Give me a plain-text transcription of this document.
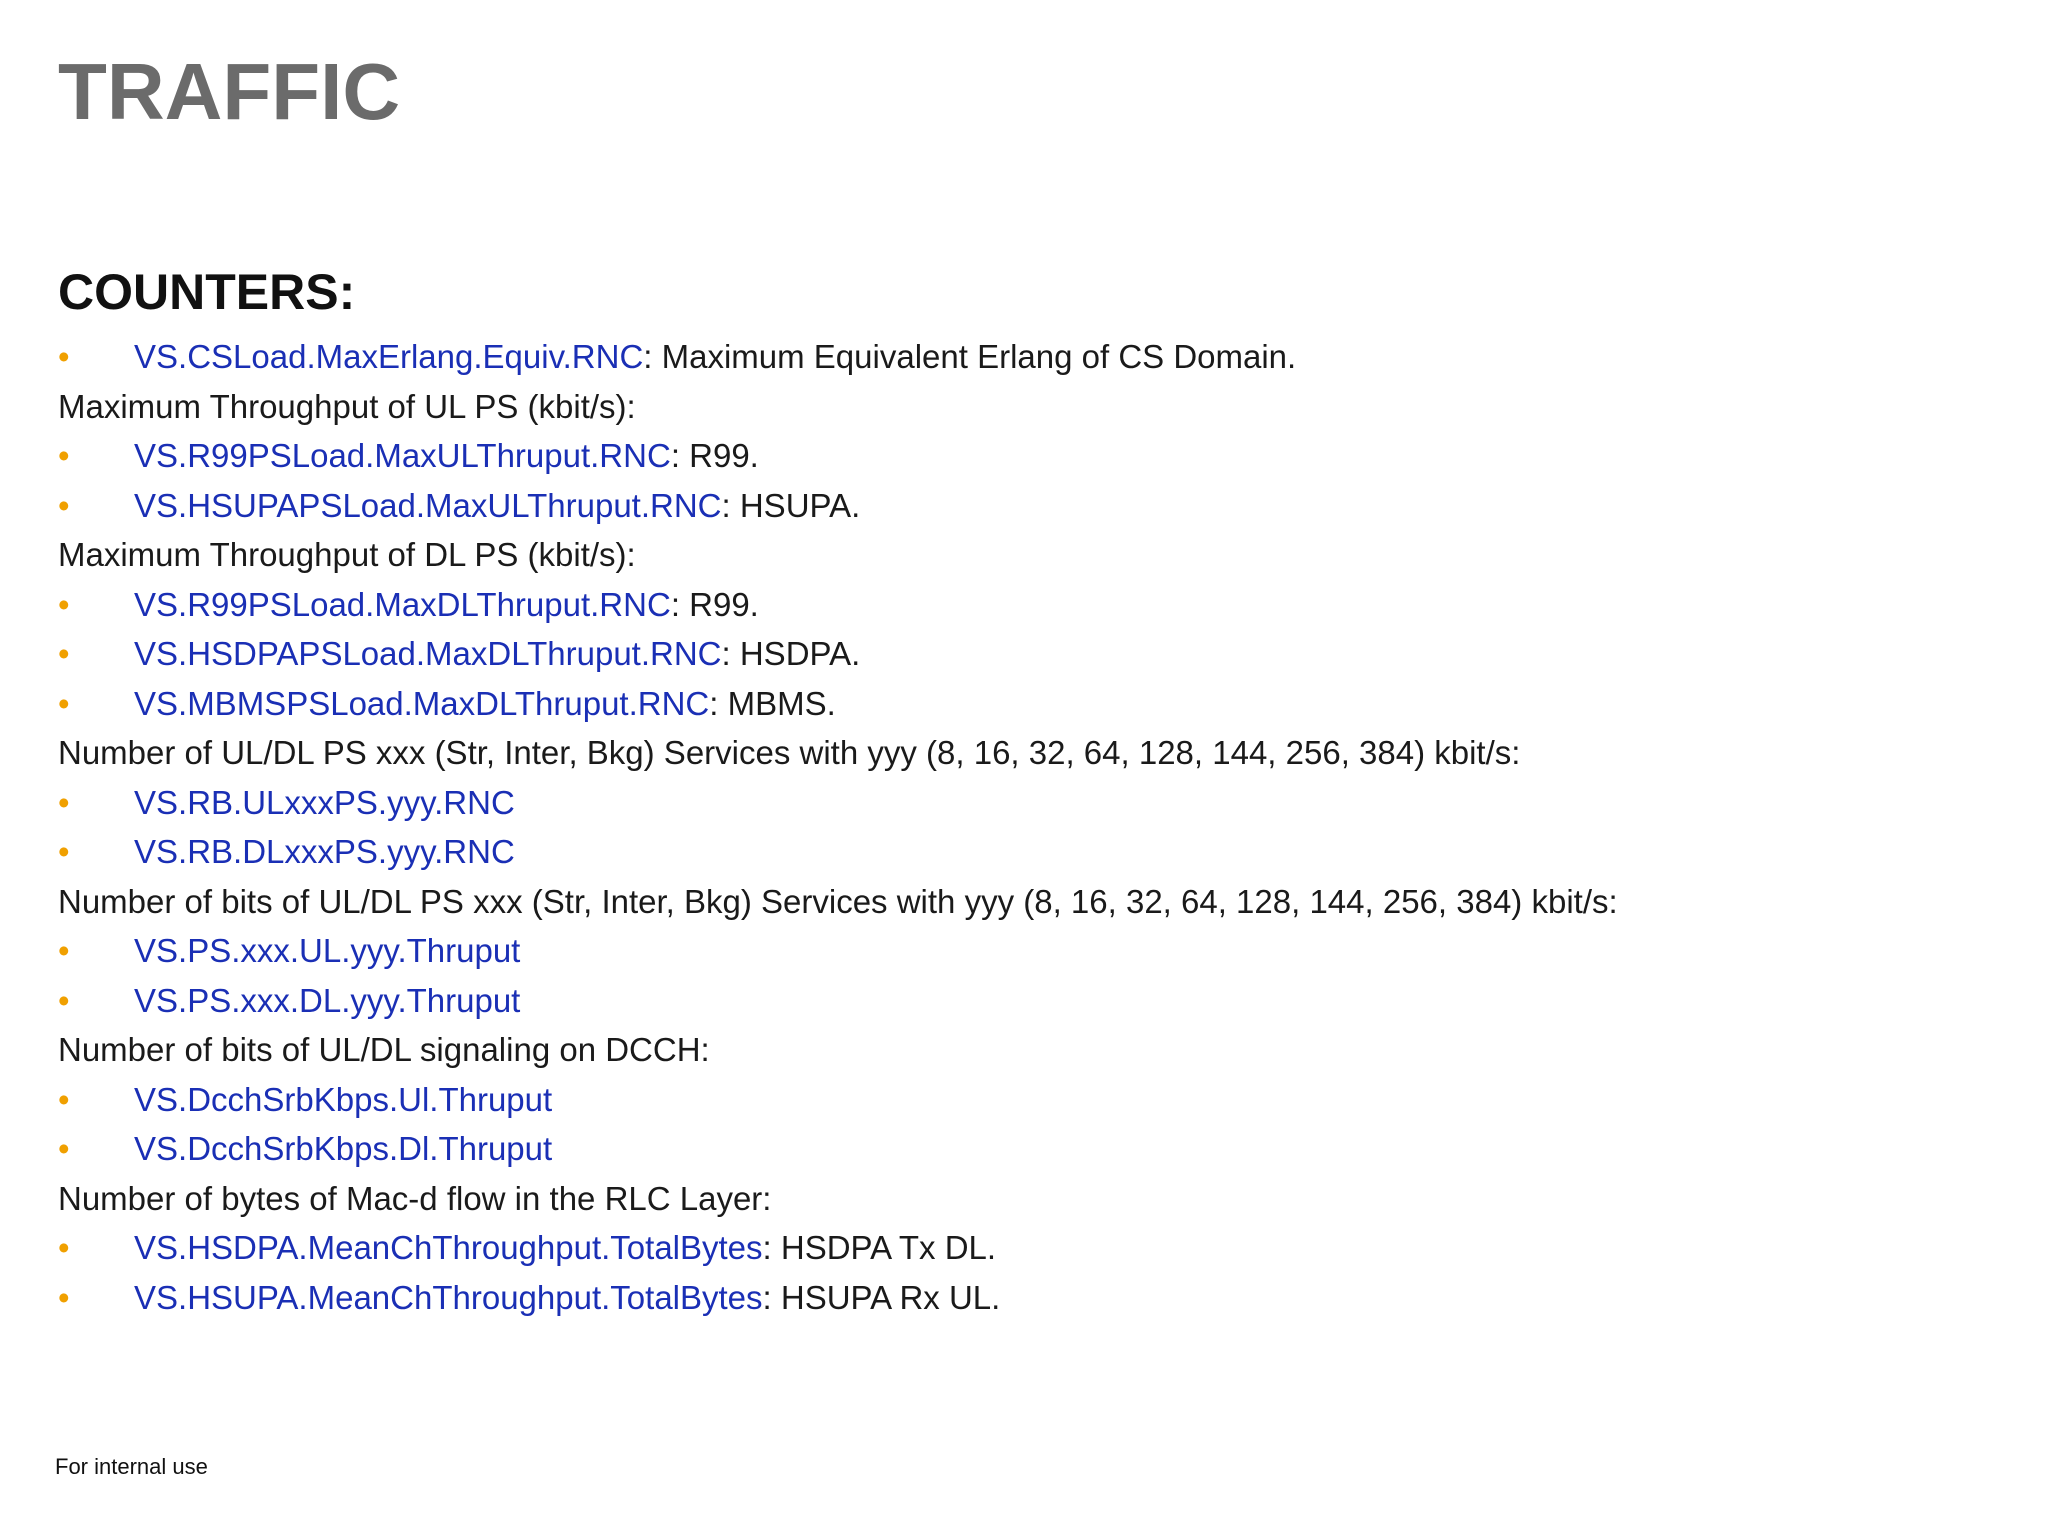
TRAFFIC
COUNTERS:
• VS.CSLoad.MaxErlang.Equiv.RNC: Maximum Equivalent Erlang of CS Domain.
Maximum Throughput of UL PS (kbit/s):
• VS.R99PSLoad.MaxULThruput.RNC: R99.
• VS.HSUPAPSLoad.MaxULThruput.RNC: HSUPA.
Maximum Throughput of DL PS (kbit/s):
• VS.R99PSLoad.MaxDLThruput.RNC: R99.
• VS.HSDPAPSLoad.MaxDLThruput.RNC: HSDPA.
• VS.MBMSPSLoad.MaxDLThruput.RNC: MBMS.
Number of UL/DL PS xxx (Str, Inter, Bkg) Services with yyy (8, 16, 32, 64, 128, 144, 256, 384) kbit/s:
• VS.RB.ULxxxPS.yyy.RNC
• VS.RB.DLxxxPS.yyy.RNC
Number of bits of UL/DL PS xxx (Str, Inter, Bkg) Services with yyy (8, 16, 32, 64, 128, 144, 256, 384) kbit/s:
• VS.PS.xxx.UL.yyy.Thruput
• VS.PS.xxx.DL.yyy.Thruput
Number of bits of UL/DL signaling on DCCH:
• VS.DcchSrbKbps.Ul.Thruput
• VS.DcchSrbKbps.Dl.Thruput
Number of bytes of Mac-d flow in the RLC Layer:
• VS.HSDPA.MeanChThroughput.TotalBytes: HSDPA Tx DL.
• VS.HSUPA.MeanChThroughput.TotalBytes: HSUPA Rx UL.
For internal use
